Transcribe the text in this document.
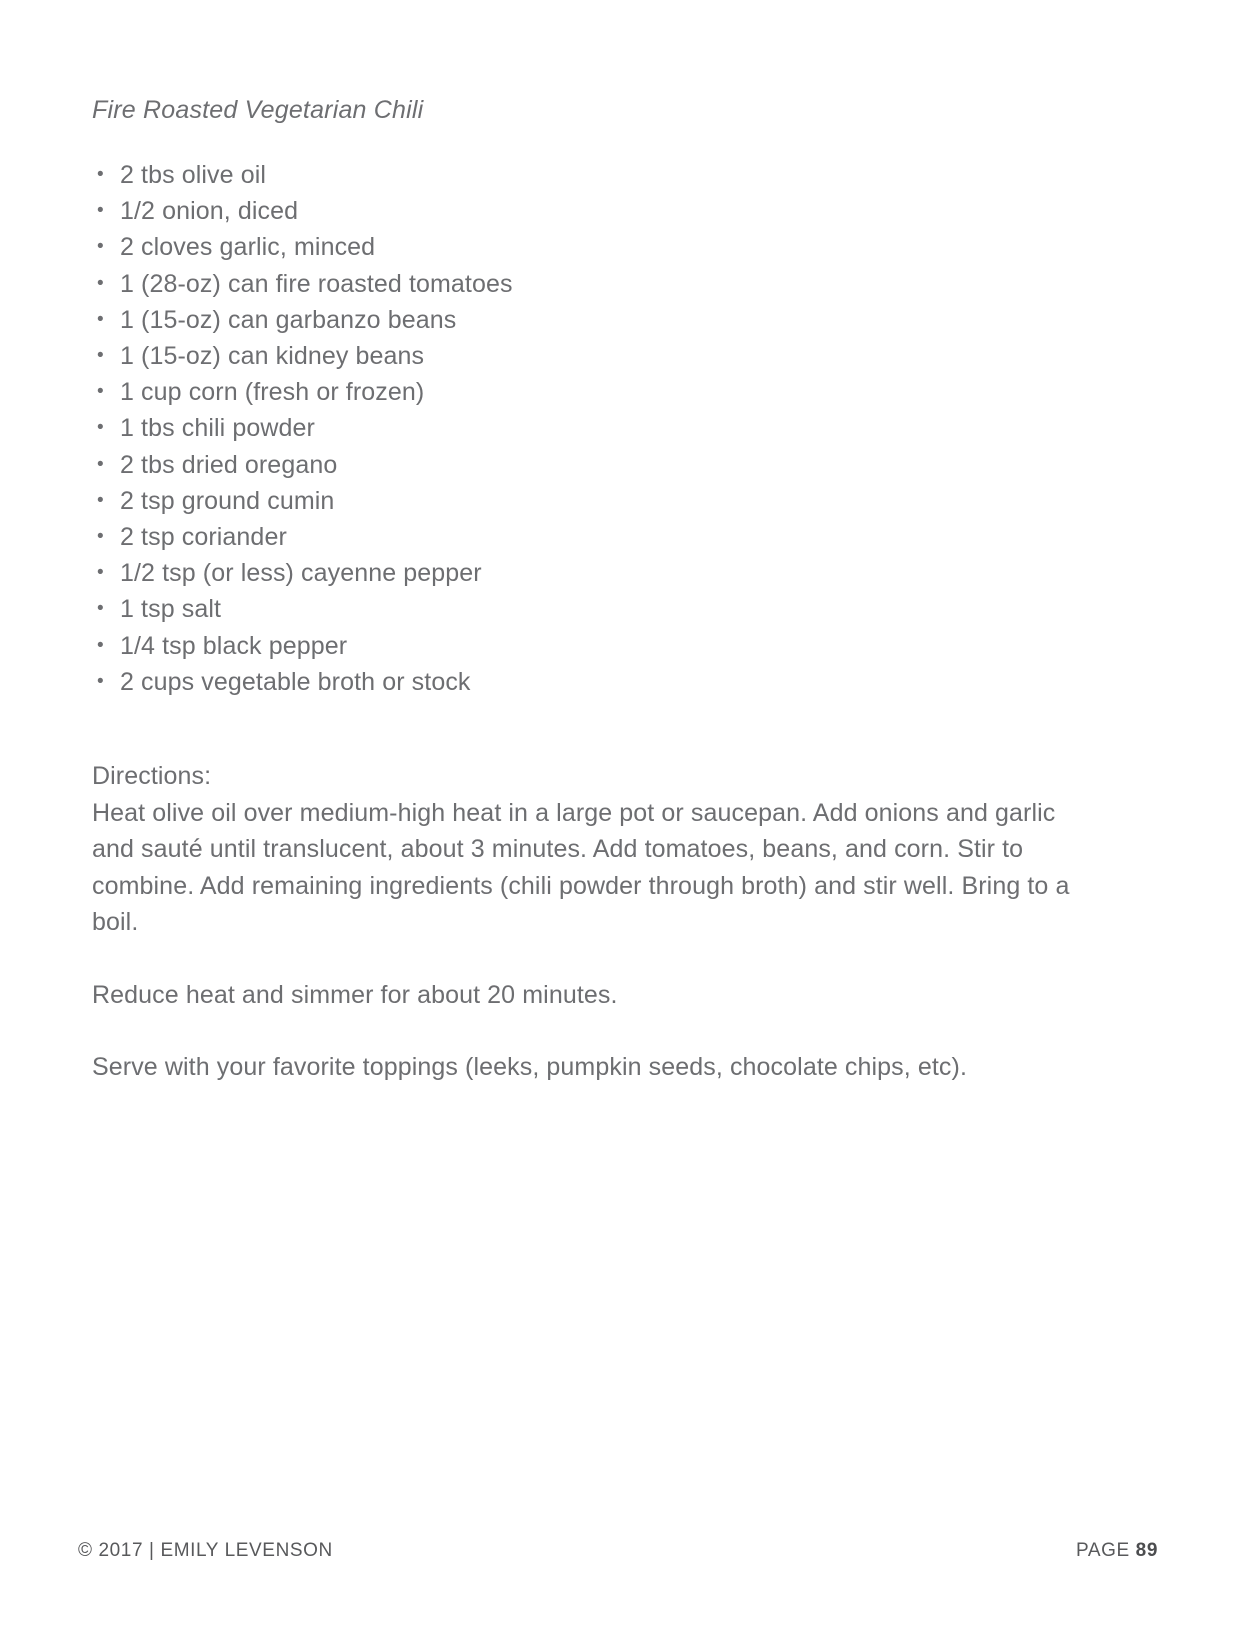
Fire Roasted Vegetarian Chili
• 2 tbs olive oil
• 1/2 onion, diced
• 2 cloves garlic, minced
• 1 (28-oz) can fire roasted tomatoes
• 1 (15-oz) can garbanzo beans
• 1 (15-oz) can kidney beans
• 1 cup corn (fresh or frozen)
• 1 tbs chili powder
• 2 tbs dried oregano
• 2 tsp ground cumin
• 2 tsp coriander
• 1/2 tsp (or less) cayenne pepper
• 1 tsp salt
• 1/4 tsp black pepper
• 2 cups vegetable broth or stock
Directions:

Heat olive oil over medium-high heat in a large pot or saucepan. Add onions and garlic and sauté until translucent, about 3 minutes. Add tomatoes, beans, and corn. Stir to combine. Add remaining ingredients (chili powder through broth) and stir well. Bring to a boil.

Reduce heat and simmer for about 20 minutes.

Serve with your favorite toppings (leeks, pumpkin seeds, chocolate chips, etc).

© 2017 | EMILY LEVENSON	PAGE 89
